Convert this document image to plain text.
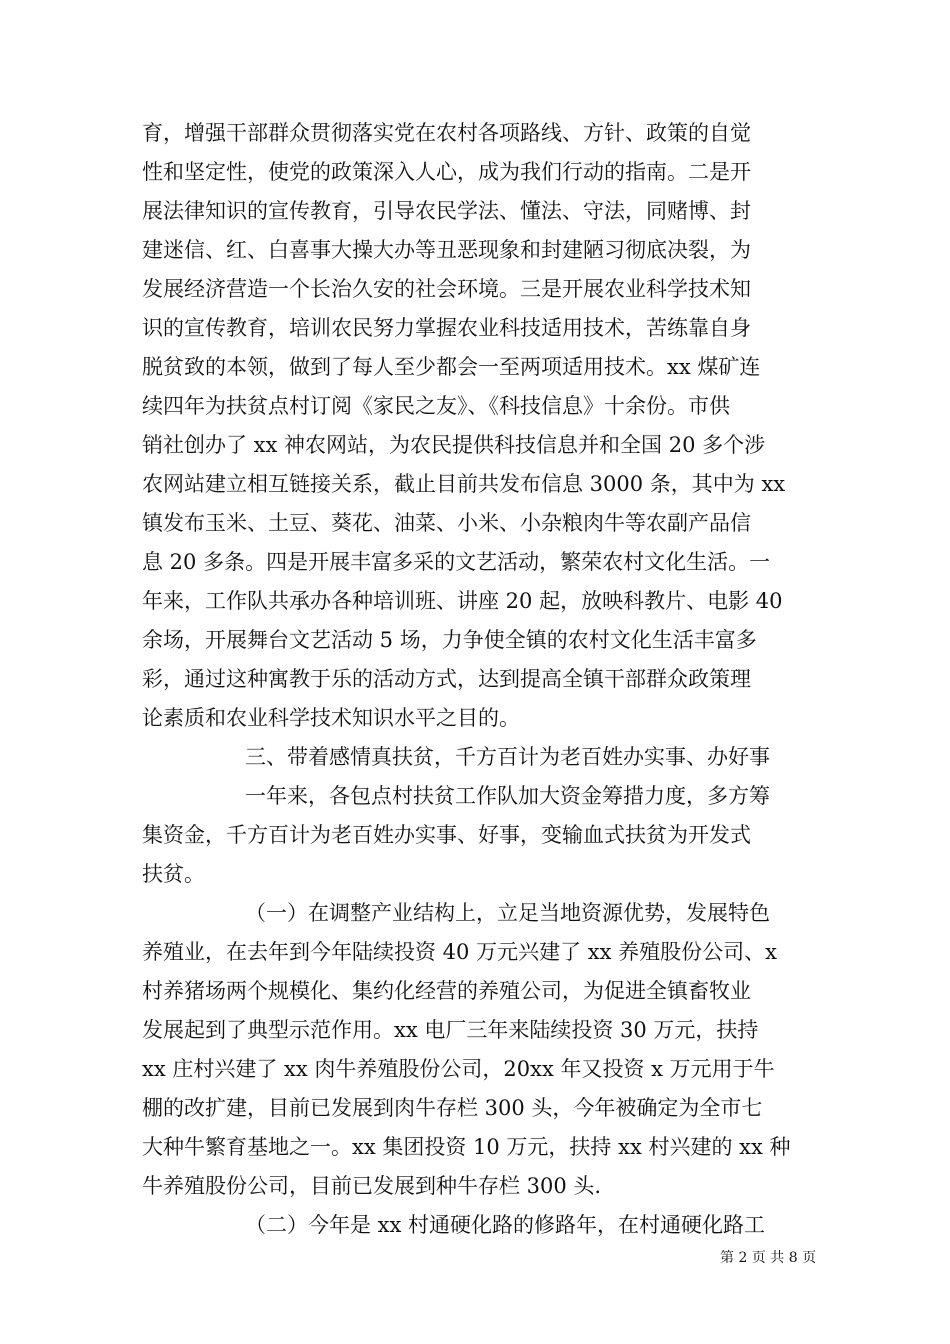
育，增强干部群众贯彻落实党在农村各项路线、方针、政策的自觉
性和坚定性，使党的政策深入人心，成为我们行动的指南。二是开
展法律知识的宣传教育，引导农民学法、懂法、守法，同赌博、封
建迷信、红、白喜事大操大办等丑恶现象和封建陋习彻底决裂，为
发展经济营造一个长治久安的社会环境。三是开展农业科学技术知
识的宣传教育，培训农民努力掌握农业科技适用技术，苦练靠自身
脱贫致的本领，做到了每人至少都会一至两项适用技术。xx 煤矿连
续四年为扶贫点村订阅《家民之友》、《科技信息》十余份。市供
销社创办了 xx 神农网站，为农民提供科技信息并和全国 20 多个涉
农网站建立相互链接关系，截止目前共发布信息 3000 条，其中为 xx
镇发布玉米、土豆、葵花、油菜、小米、小杂粮肉牛等农副产品信
息 20 多条。四是开展丰富多采的文艺活动，繁荣农村文化生活。一
年来，工作队共承办各种培训班、讲座 20 起，放映科教片、电影 40
余场，开展舞台文艺活动 5 场，力争使全镇的农村文化生活丰富多
彩，通过这种寓教于乐的活动方式，达到提高全镇干部群众政策理
论素质和农业科学技术知识水平之目的。
三、带着感情真扶贫，千方百计为老百姓办实事、办好事
一年来，各包点村扶贫工作队加大资金筹措力度，多方筹
集资金，千方百计为老百姓办实事、好事，变输血式扶贫为开发式
扶贫。
（一）在调整产业结构上，立足当地资源优势，发展特色
养殖业，在去年到今年陆续投资 40 万元兴建了 xx 养殖股份公司、x
村养猪场两个规模化、集约化经营的养殖公司，为促进全镇畜牧业
发展起到了典型示范作用。xx 电厂三年来陆续投资 30 万元，扶持
xx 庄村兴建了 xx 肉牛养殖股份公司，20xx 年又投资 x 万元用于牛
棚的改扩建，目前已发展到肉牛存栏 300 头，今年被确定为全市七
大种牛繁育基地之一。xx 集团投资 10 万元，扶持 xx 村兴建的 xx 种
牛养殖股份公司，目前已发展到种牛存栏 300 头.
（二）今年是 xx 村通硬化路的修路年，在村通硬化路工
第 2 页 共 8 页
